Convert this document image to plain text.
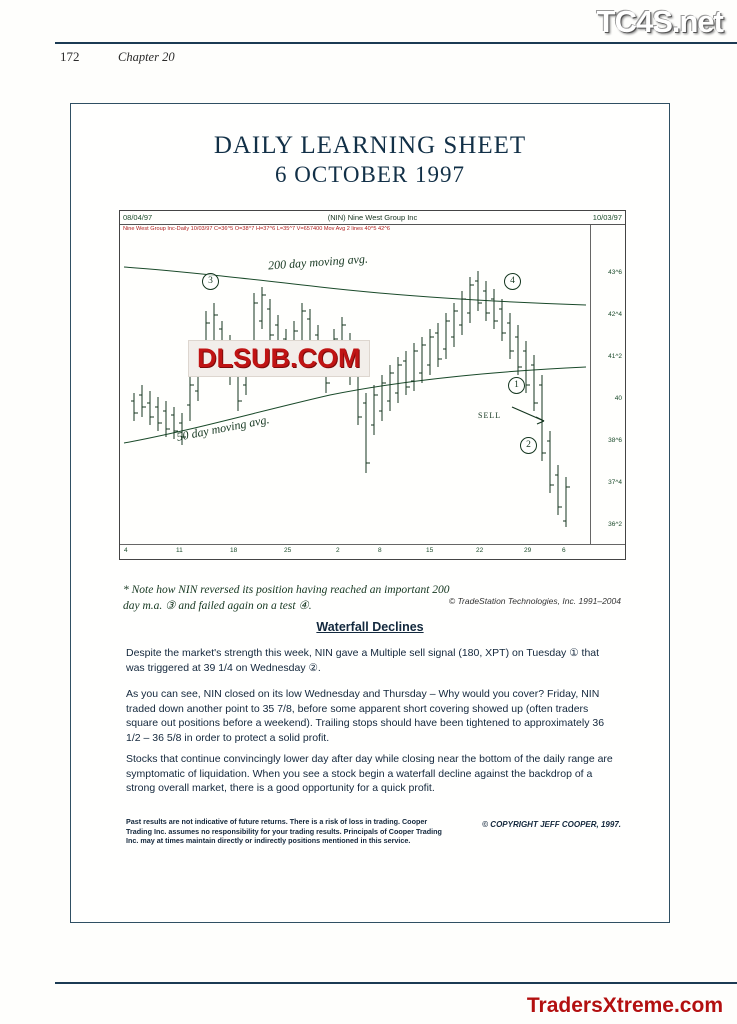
TC4S.net
TradersXtreme.com
172	Chapter 20
DAILY LEARNING SHEET
6 OCTOBER 1997
08/04/97	(NIN) Nine West Group Inc	10/03/97
Nine West Group Inc-Daily 10/03/97 C=36^5 O=38^7 H=37^6 L=35^7 V=657400 Mov Avg 2 lines 40^5 42^6
43^6
42^4
41^2
40
38^6
37^4
36^2
200 day moving avg.
50 day moving avg.	SELL
3	4
1
2
4	11	18	25	2	8	15	22	29	6
* Note how NIN reversed its position having reached an important 200 day m.a. ③ and failed again on a test ④.	© TradeStation Technologies, Inc. 1991–2004
Waterfall Declines
Despite the market's strength this week, NIN gave a Multiple sell signal (180, XPT) on Tuesday ① that was triggered at 39 1/4 on Wednesday ②.
As you can see, NIN closed on its low Wednesday and Thursday – Why would you cover? Friday, NIN traded down another point to 35 7/8, before some apparent short covering showed up (often traders square out positions before a weekend). Trailing stops should have been tightened to approximately 36 1/2 – 36 5/8 in order to protect a solid profit.
Stocks that continue convincingly lower day after day while closing near the bottom of the daily range are symptomatic of liquidation. When you see a stock begin a waterfall decline against the backdrop of a strong overall market, there is a good opportunity for a quick profit.
Past results are not indicative of future returns. There is a risk of loss in trading. Cooper Trading Inc. assumes no responsibility for your trading results. Principals of Cooper Trading Inc. may at times maintain directly or indirectly positions mentioned in this service.
© COPYRIGHT JEFF COOPER, 1997.
DLSUB.COM
